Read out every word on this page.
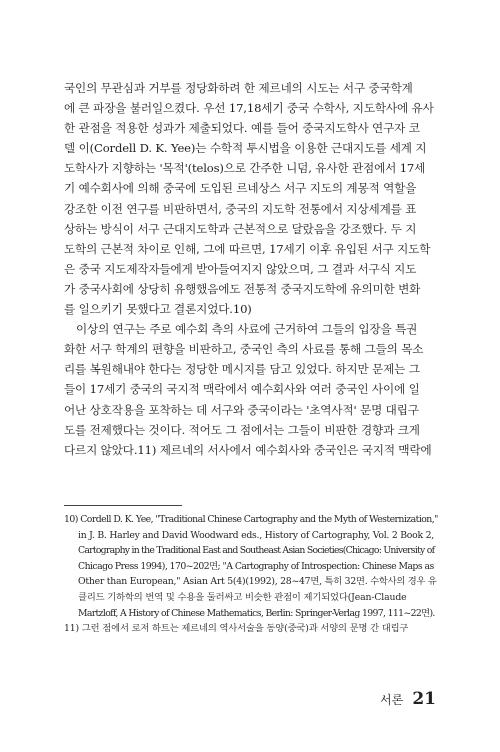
국인의 무관심과 거부를 정당화하려 한 제르네의 시도는 서구 중국학계
에 큰 파장을 불러일으켰다. 우선 17,18세기 중국 수학사, 지도학사에 유사
한 관점을 적용한 성과가 제출되었다. 예를 들어 중국지도학사 연구자 코
델 이(Cordell D. K. Yee)는 수학적 투시법을 이용한 근대지도를 세계 지
도학사가 지향하는 '목적'(telos)으로 간주한 니덤, 유사한 관점에서 17세
기 예수회사에 의해 중국에 도입된 르네상스 서구 지도의 계몽적 역할을
강조한 이전 연구를 비판하면서, 중국의 지도학 전통에서 지상세계를 표
상하는 방식이 서구 근대지도학과 근본적으로 달랐음을 강조했다. 두 지
도학의 근본적 차이로 인해, 그에 따르면, 17세기 이후 유입된 서구 지도학
은 중국 지도제작자들에게 받아들여지지 않았으며, 그 결과 서구식 지도
가 중국사회에 상당히 유행했음에도 전통적 중국지도학에 유의미한 변화
를 일으키기 못했다고 결론지었다.10)
이상의 연구는 주로 예수회 측의 사료에 근거하여 그들의 입장을 특권
화한 서구 학계의 편향을 비판하고, 중국인 측의 사료를 통해 그들의 목소
리를 복원해내야 한다는 정당한 메시지를 담고 있었다. 하지만 문제는 그
들이 17세기 중국의 국지적 맥락에서 예수회사와 여러 중국인 사이에 일
어난 상호작용을 포착하는 데 서구와 중국이라는 '초역사적' 문명 대립구
도를 전제했다는 것이다. 적어도 그 점에서는 그들이 비판한 경향과 크게
다르지 않았다.11) 제르네의 서사에서 예수회사와 중국인은 국지적 맥락에
10) Cordell D. K. Yee, "Traditional Chinese Cartography and the Myth of Westernization,"
in J. B. Harley and David Woodward eds., History of Cartography, Vol. 2 Book 2,
Cartography in the Traditional East and Southeast Asian Societies(Chicago: University of
Chicago Press 1994), 170~202면; "A Cartography of Introspection: Chinese Maps as
Other than European," Asian Art 5(4)(1992), 28~47면, 특히 32면. 수학사의 경우 유
클리드 기하학의 번역 및 수용을 둘러싸고 비슷한 관점이 제기되었다(Jean-Claude
Martzloff, A History of Chinese Mathematics, Berlin: Springer-Verlag 1997, 111~22면).
11) 그런 점에서 로저 하트는 제르네의 역사서술을 동양(중국)과 서양의 문명 간 대립구
서론 21
